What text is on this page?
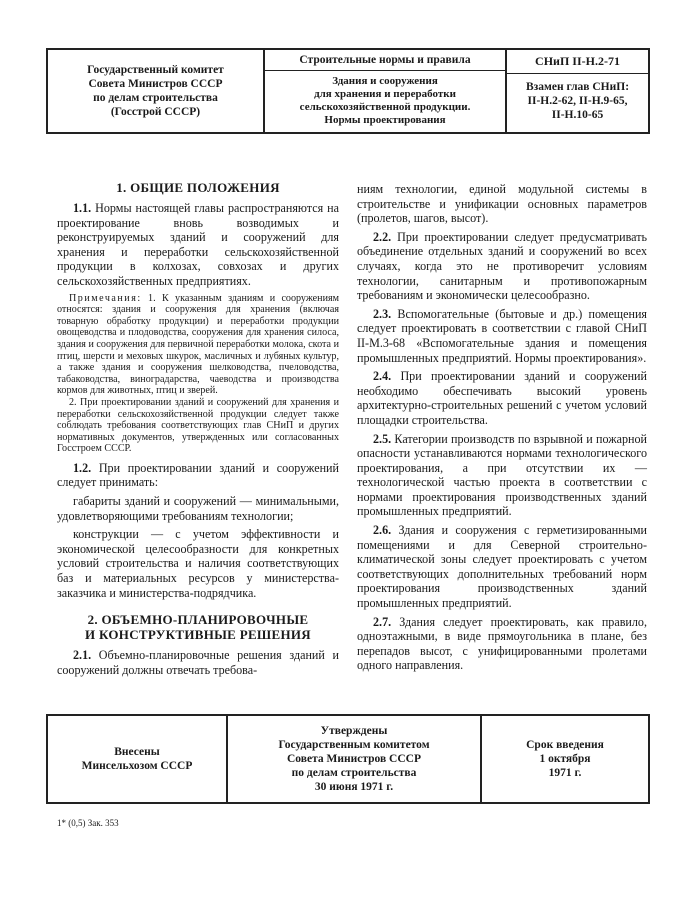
Государственный комитет
Совета Министров СССР
по делам строительства
(Госстрой СССР)
Строительные нормы и правила
Здания и сооружения
для хранения и переработки
сельскохозяйственной продукции.
Нормы проектирования
СНиП II-Н.2-71
Взамен глав СНиП:
II-Н.2-62, II-Н.9-65,
II-Н.10-65
1. ОБЩИЕ ПОЛОЖЕНИЯ

1.1. Нормы настоящей главы распространяются на проектирование вновь возводимых и реконструируемых зданий и сооружений для хранения и переработки сельскохозяйственной продукции в колхозах, совхозах и других сельскохозяйственных предприятиях.

Примечания: 1. К указанным зданиям и сооружениям относятся: здания и сооружения для хранения (включая товарную обработку продукции) и переработки продукции овощеводства и плодоводства, сооружения для хранения силоса, здания и сооружения для первичной переработки молока, скота и птиц, шерсти и меховых шкурок, масличных и лубяных культур, а также здания и сооружения шелководства, пчеловодства, табаководства, виноградарства, чаеводства и производства кормов для животных, птиц и зверей.

2. При проектировании зданий и сооружений для хранения и переработки сельскохозяйственной продукции следует также соблюдать требования соответствующих глав СНиП и других нормативных документов, утвержденных или согласованных Госстроем СССР.

1.2. При проектировании зданий и сооружений следует принимать:

габариты зданий и сооружений — минимальными, удовлетворяющими требованиям технологии;

конструкции — с учетом эффективности и экономической целесообразности для конкретных условий строительства и наличия соответствующих баз и материальных ресурсов у министерства-заказчика и министерства-подрядчика.

2. ОБЪЕМНО-ПЛАНИРОВОЧНЫЕ
И КОНСТРУКТИВНЫЕ РЕШЕНИЯ

2.1. Объемно-планировочные решения зданий и сооружений должны отвечать требова-

ниям технологии, единой модульной системы в строительстве и унификации основных параметров (пролетов, шагов, высот).

2.2. При проектировании следует предусматривать объединение отдельных зданий и сооружений во всех случаях, когда это не противоречит условиям технологии, санитарным и противопожарным требованиям и экономически целесообразно.

2.3. Вспомогательные (бытовые и др.) помещения следует проектировать в соответствии с главой СНиП II-М.3-68 «Вспомогательные здания и помещения промышленных предприятий. Нормы проектирования».

2.4. При проектировании зданий и сооружений необходимо обеспечивать высокий уровень архитектурно-строительных решений с учетом условий площадки строительства.

2.5. Категории производств по взрывной и пожарной опасности устанавливаются нормами технологического проектирования, а при отсутствии их — технологической частью проекта в соответствии с нормами проектирования производственных зданий промышленных предприятий.

2.6. Здания и сооружения с герметизированными помещениями и для Северной строительно-климатической зоны следует проектировать с учетом соответствующих дополнительных требований норм проектирования производственных зданий промышленных предприятий.

2.7. Здания следует проектировать, как правило, одноэтажными, в виде прямоугольника в плане, без перепадов высот, с унифицированными пролетами одного направления.

Внесены
Минсельхозом СССР
Утверждены
Государственным комитетом
Совета Министров СССР
по делам строительства
30 июня 1971 г.
Срок введения
1 октября
1971 г.
1* (0,5) Зак. 353
